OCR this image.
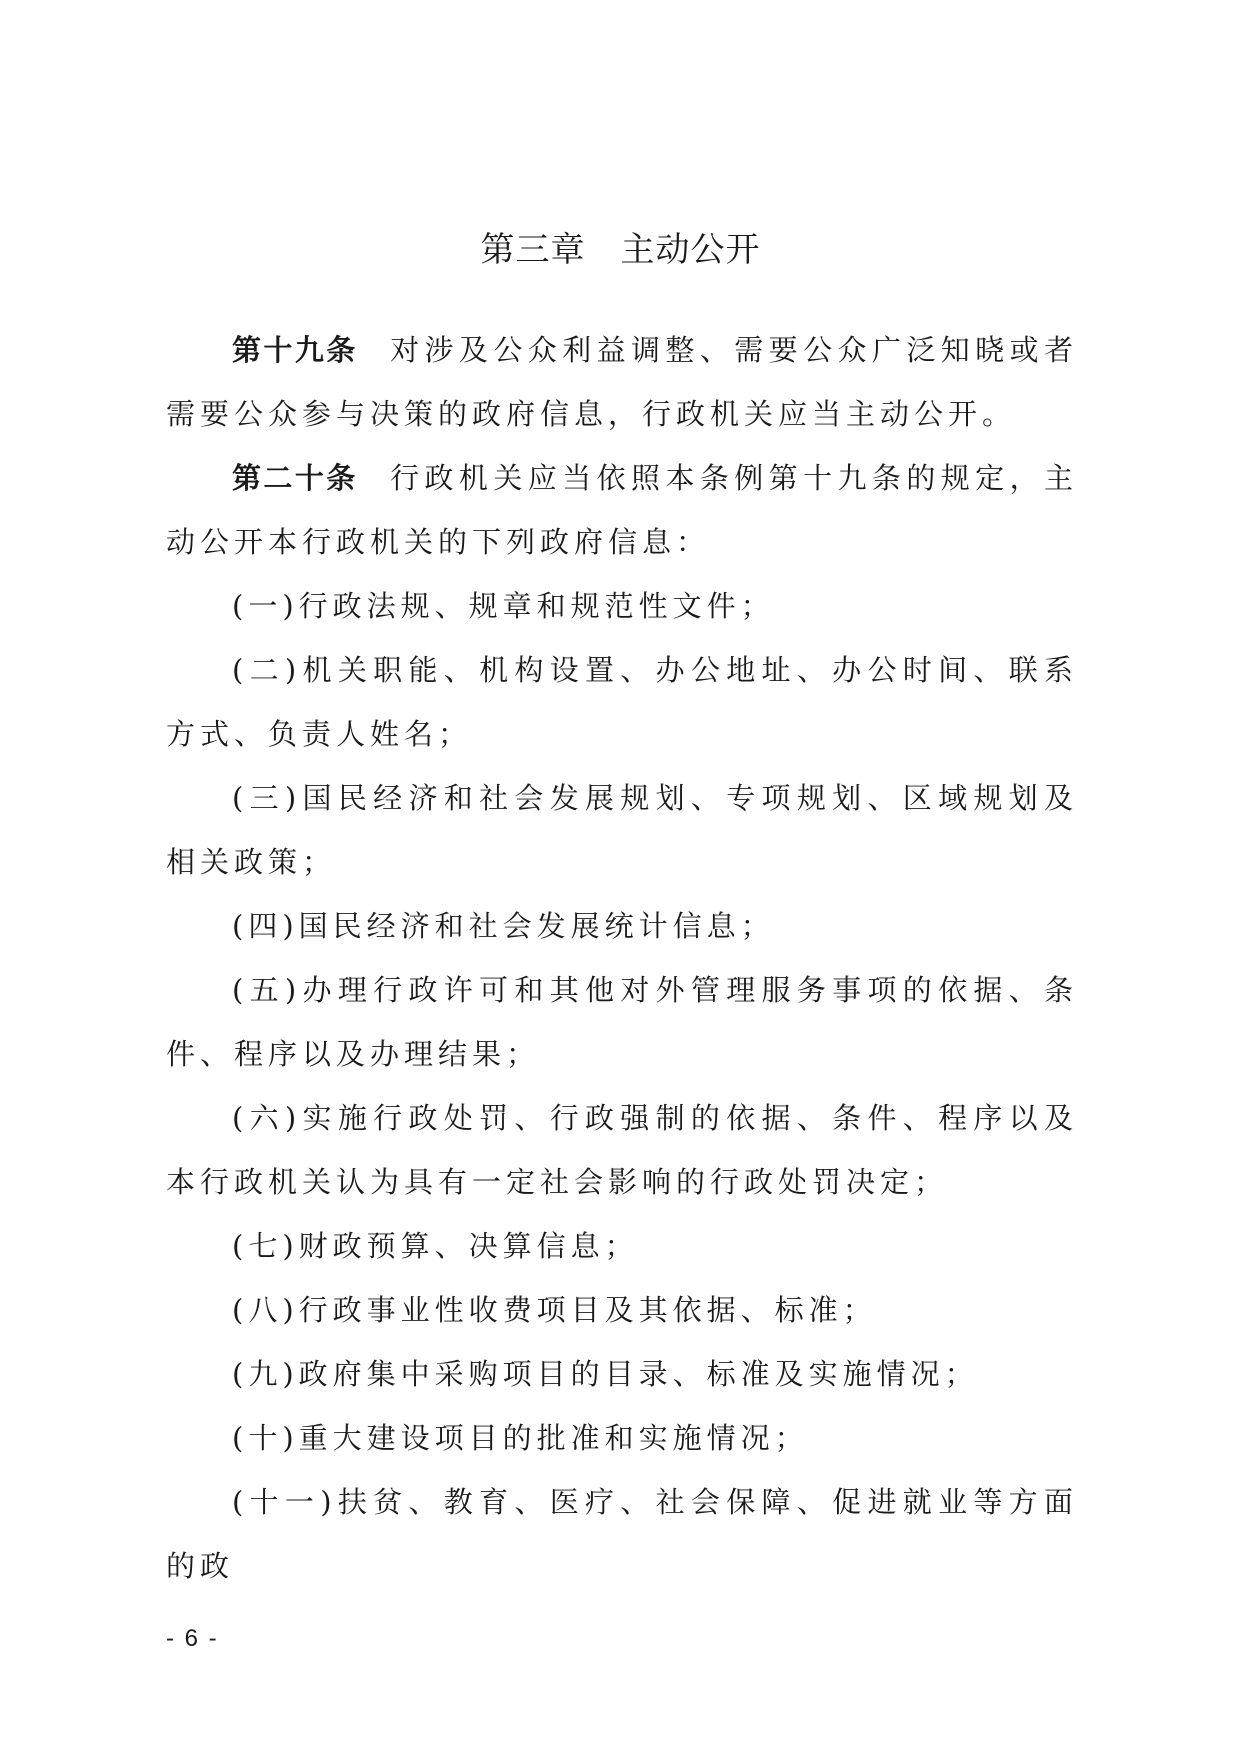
第三章　主动公开

第十九条 对涉及公众利益调整、需要公众广泛知晓或者需要公众参与决策的政府信息，行政机关应当主动公开。

第二十条 行政机关应当依照本条例第十九条的规定，主动公开本行政机关的下列政府信息：

(一)行政法规、规章和规范性文件；

(二)机关职能、机构设置、办公地址、办公时间、联系方式、负责人姓名；

(三)国民经济和社会发展规划、专项规划、区域规划及相关政策；

(四)国民经济和社会发展统计信息；

(五)办理行政许可和其他对外管理服务事项的依据、条件、程序以及办理结果；

(六)实施行政处罚、行政强制的依据、条件、程序以及本行政机关认为具有一定社会影响的行政处罚决定；

(七)财政预算、决算信息；

(八)行政事业性收费项目及其依据、标准；

(九)政府集中采购项目的目录、标准及实施情况；

(十)重大建设项目的批准和实施情况；

(十一)扶贫、教育、医疗、社会保障、促进就业等方面的政

- 6 -
